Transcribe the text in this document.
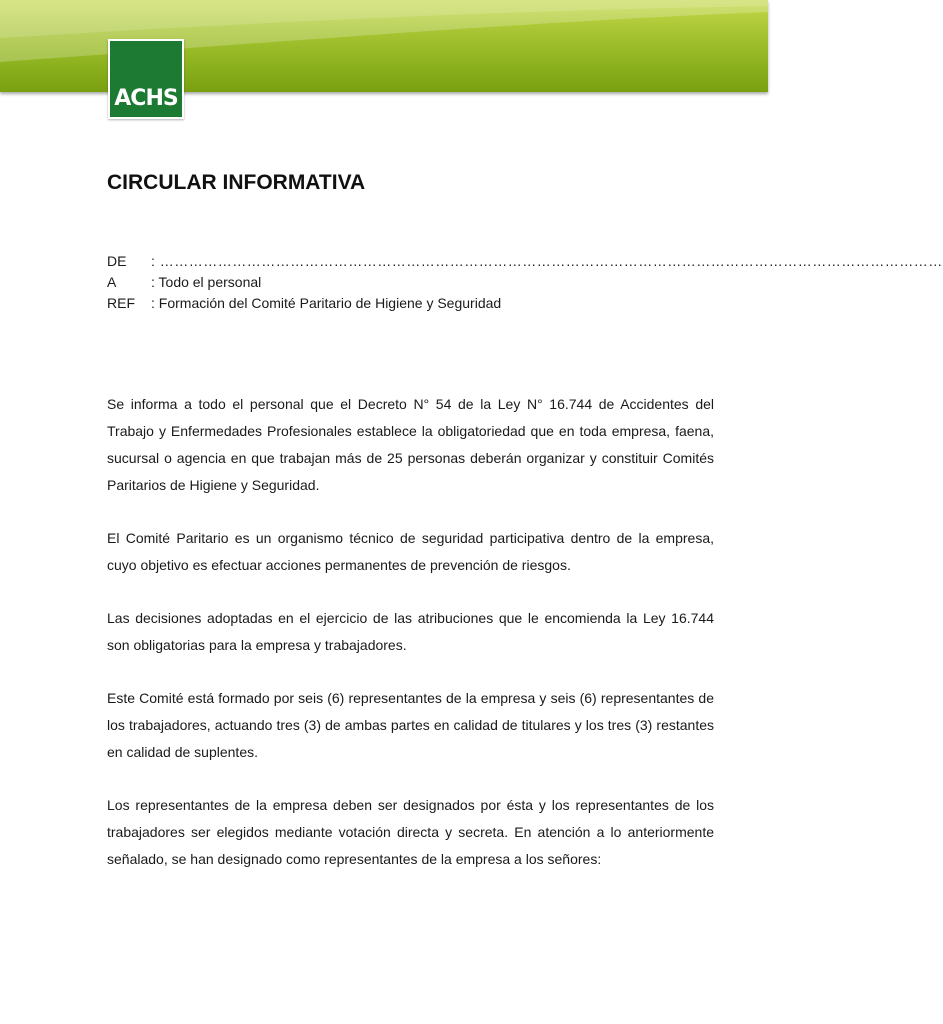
ACHS
CIRCULAR INFORMATIVA
DE : ………………………………………………………………………………………………………………………………………………
A : Todo el personal
REF : Formación del Comité Paritario de Higiene y Seguridad

Se informa a todo el personal que el Decreto N° 54 de la Ley N° 16.744 de Accidentes del Trabajo y Enfermedades Profesionales establece la obligatoriedad que en toda empresa, faena, sucursal o agencia en que trabajan más de 25 personas deberán organizar y constituir Comités Paritarios de Higiene y Seguridad.

El Comité Paritario es un organismo técnico de seguridad participativa dentro de la empresa, cuyo objetivo es efectuar acciones permanentes de prevención de riesgos.

Las decisiones adoptadas en el ejercicio de las atribuciones que le encomienda la Ley 16.744 son obligatorias para la empresa y trabajadores.

Este Comité está formado por seis (6) representantes de la empresa y seis (6) representantes de los trabajadores, actuando tres (3) de ambas partes en calidad de titulares y los tres (3) restantes en calidad de suplentes.

Los representantes de la empresa deben ser designados por ésta y los representantes de los trabajadores ser elegidos mediante votación directa y secreta. En atención a lo anteriormente señalado, se han designado como representantes de la empresa a los señores:
